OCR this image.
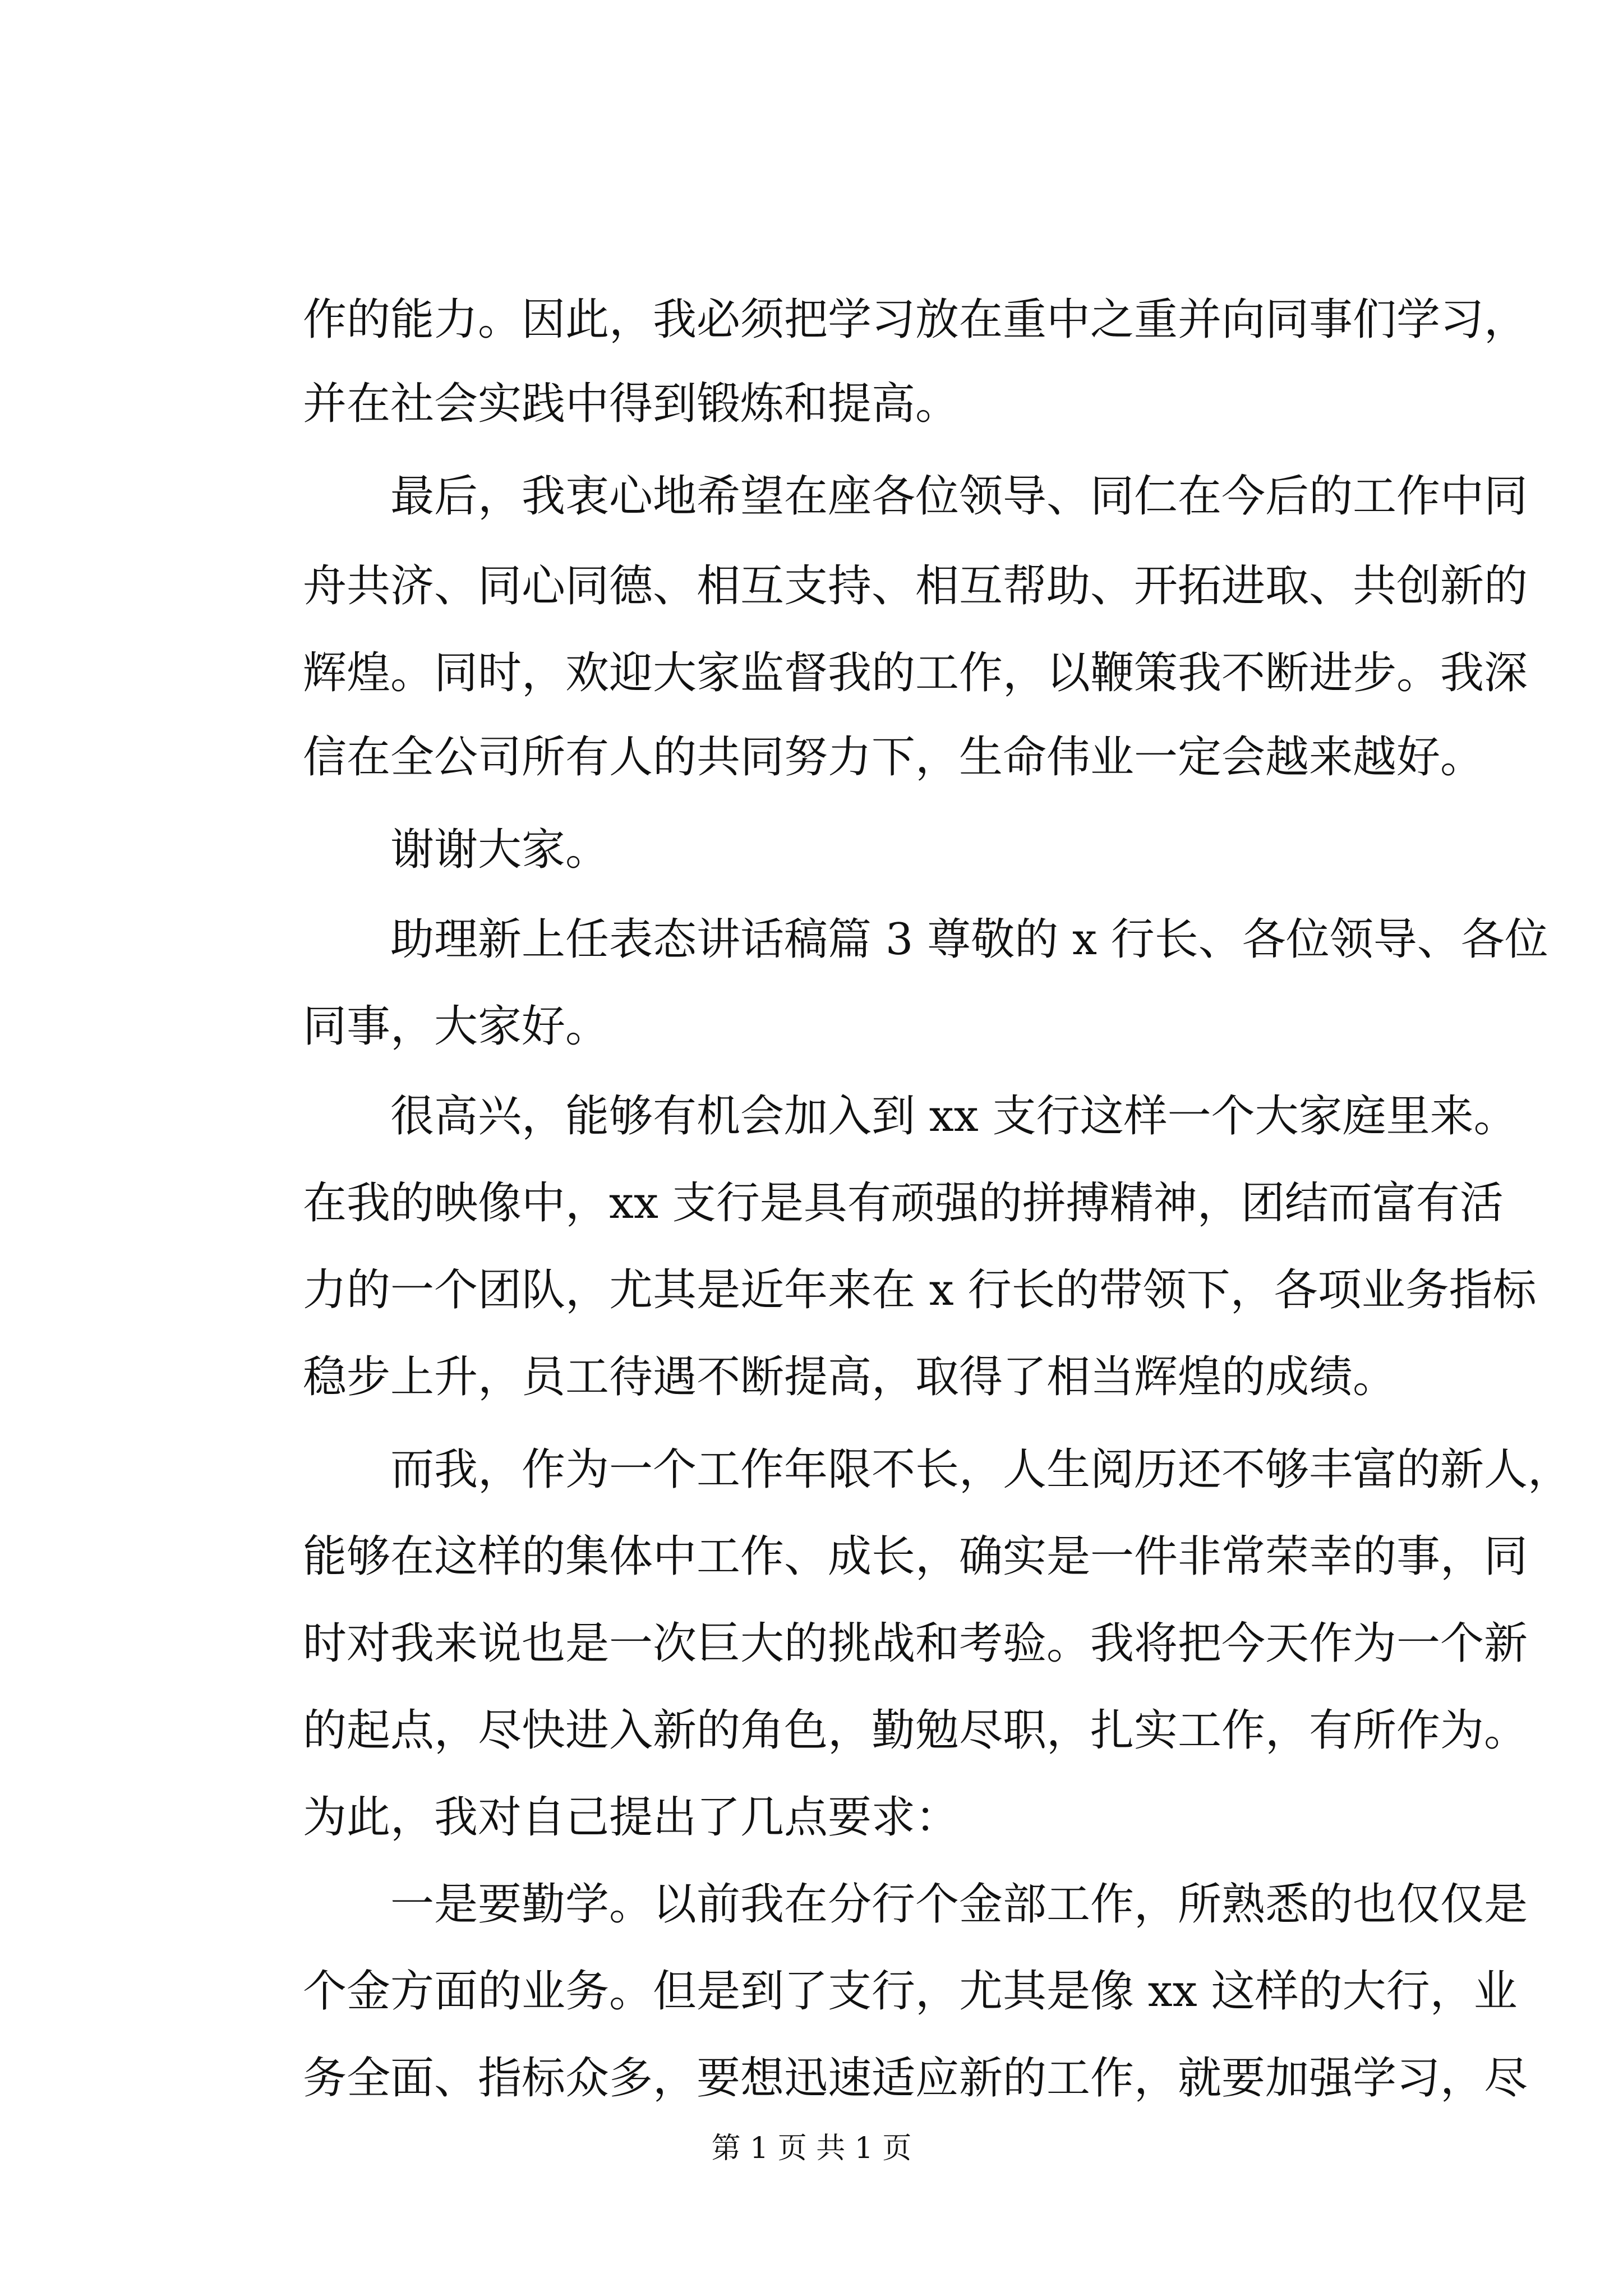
作的能力。因此，我必须把学习放在重中之重并向同事们学习，
并在社会实践中得到锻炼和提高。
　　最后，我衷心地希望在座各位领导、同仁在今后的工作中同
舟共济、同心同德、相互支持、相互帮助、开拓进取、共创新的
辉煌。同时，欢迎大家监督我的工作，以鞭策我不断进步。我深
信在全公司所有人的共同努力下，生命伟业一定会越来越好。
　　谢谢大家。
　　助理新上任表态讲话稿篇 3 尊敬的 x 行长、各位领导、各位
同事，大家好。
　　很高兴，能够有机会加入到 xx 支行这样一个大家庭里来。
在我的映像中，xx 支行是具有顽强的拼搏精神，团结而富有活
力的一个团队，尤其是近年来在 x 行长的带领下，各项业务指标
稳步上升，员工待遇不断提高，取得了相当辉煌的成绩。
　　而我，作为一个工作年限不长，人生阅历还不够丰富的新人，
能够在这样的集体中工作、成长，确实是一件非常荣幸的事，同
时对我来说也是一次巨大的挑战和考验。我将把今天作为一个新
的起点，尽快进入新的角色，勤勉尽职，扎实工作，有所作为。
为此，我对自己提出了几点要求：
　　一是要勤学。以前我在分行个金部工作，所熟悉的也仅仅是
个金方面的业务。但是到了支行，尤其是像 xx 这样的大行，业
务全面、指标众多，要想迅速适应新的工作，就要加强学习，尽
第 1 页 共 1 页
